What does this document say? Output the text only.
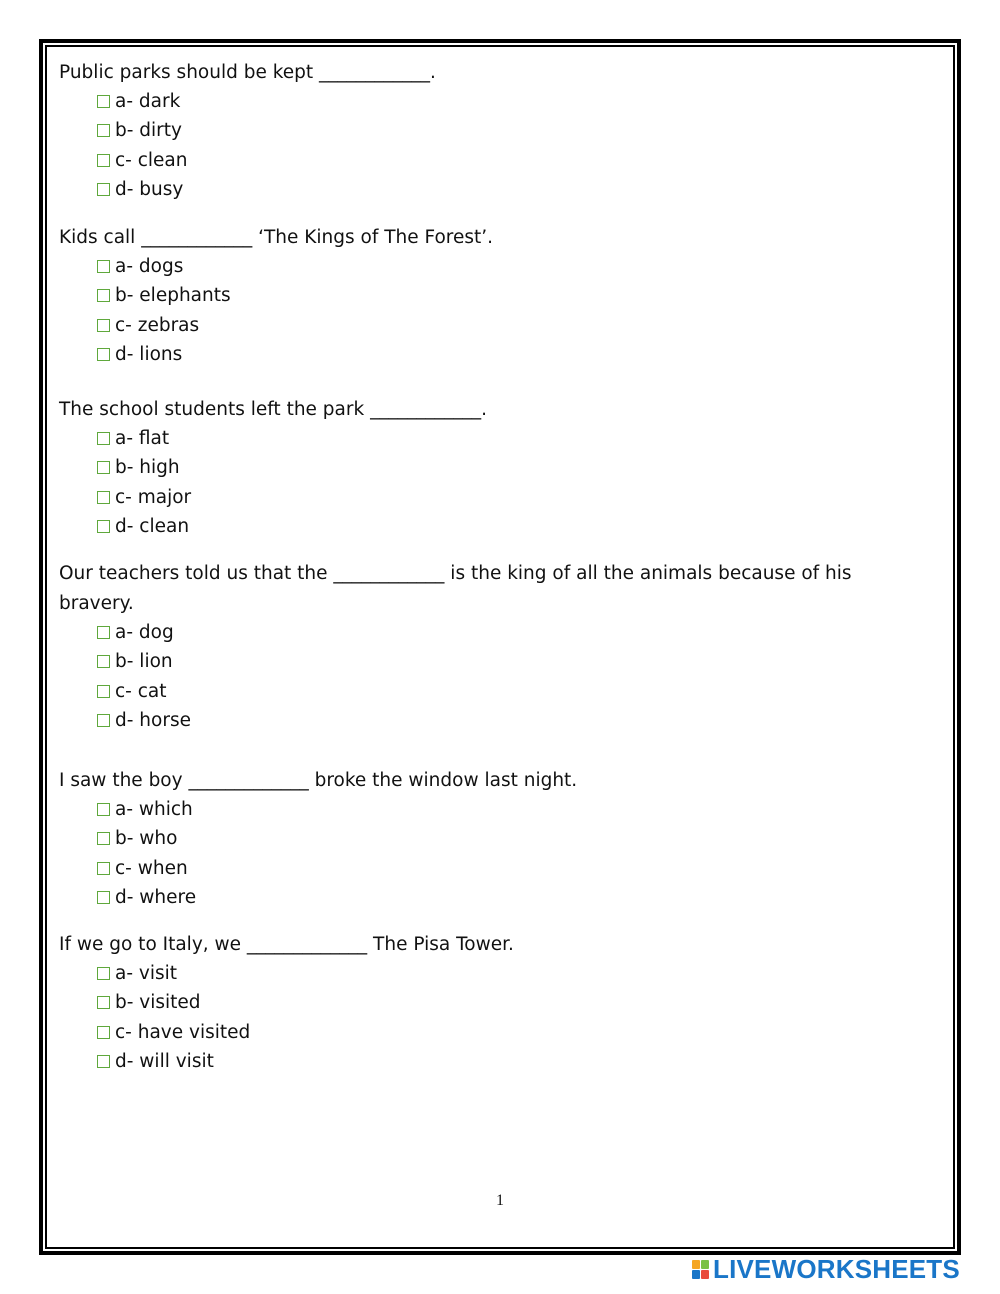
Public parks should be kept ____________.
a- dark
b- dirty
c- clean
d- busy
Kids call ____________ ‘The Kings of The Forest’.
a- dogs
b- elephants
c- zebras
d- lions
The school students left the park ____________.
a- flat
b- high
c- major
d- clean
Our teachers told us that the ____________ is the king of all the animals because of his bravery.
a- dog
b- lion
c- cat
d- horse
I saw the boy _____________ broke the window last night.
a- which
b- who
c- when
d- where
If we go to Italy, we _____________ The Pisa Tower.
a- visit
b- visited
c- have visited
d- will visit
1
LIVEWORKSHEETS
